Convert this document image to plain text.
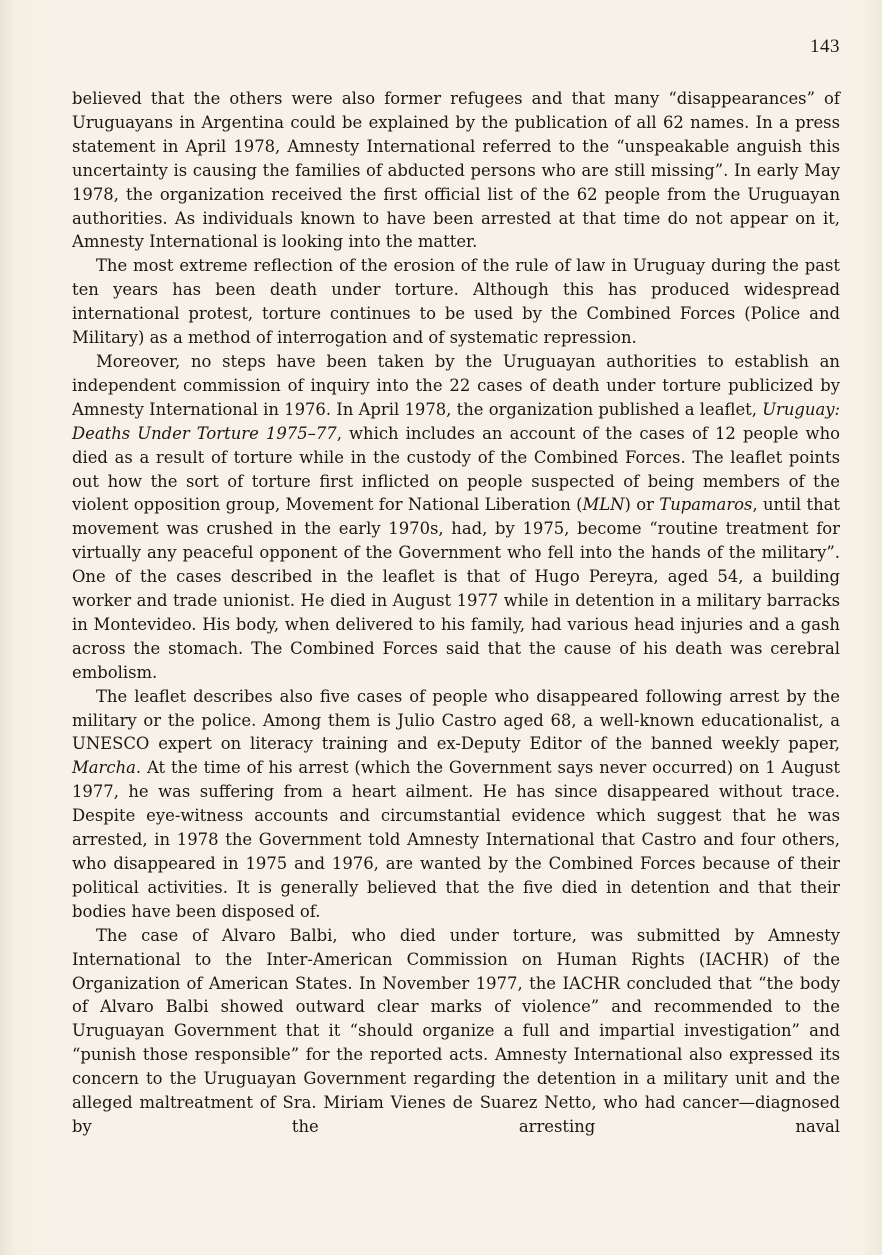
143

believed that the others were also former refugees and that many “disappearances” of Uruguayans in Argentina could be explained by the publication of all 62 names. In a press statement in April 1978, Amnesty International referred to the “unspeakable anguish this uncertainty is causing the families of abducted persons who are still missing”. In early May 1978, the organization received the first official list of the 62 people from the Uruguayan authorities. As individuals known to have been arrested at that time do not appear on it, Amnesty International is looking into the matter.

The most extreme reflection of the erosion of the rule of law in Uruguay during the past ten years has been death under torture. Although this has produced widespread international protest, torture continues to be used by the Combined Forces (Police and Military) as a method of interrogation and of systematic repression.

Moreover, no steps have been taken by the Uruguayan authorities to establish an independent commission of inquiry into the 22 cases of death under torture publicized by Amnesty International in 1976. In April 1978, the organization published a leaflet, Uruguay: Deaths Under Torture 1975–77, which includes an account of the cases of 12 people who died as a result of torture while in the custody of the Combined Forces. The leaflet points out how the sort of torture first inflicted on people suspected of being members of the violent opposition group, Movement for National Liberation (MLN) or Tupamaros, until that movement was crushed in the early 1970s, had, by 1975, become “routine treatment for virtually any peaceful opponent of the Government who fell into the hands of the military”. One of the cases described in the leaflet is that of Hugo Pereyra, aged 54, a building worker and trade unionist. He died in August 1977 while in detention in a military barracks in Montevideo. His body, when delivered to his family, had various head injuries and a gash across the stomach. The Combined Forces said that the cause of his death was cerebral embolism.

The leaflet describes also five cases of people who disappeared following arrest by the military or the police. Among them is Julio Castro aged 68, a well-known educationalist, a UNESCO expert on literacy training and ex-Deputy Editor of the banned weekly paper, Marcha. At the time of his arrest (which the Government says never occurred) on 1 August 1977, he was suffering from a heart ailment. He has since disappeared without trace. Despite eye-witness accounts and circumstantial evidence which suggest that he was arrested, in 1978 the Government told Amnesty International that Castro and four others, who disappeared in 1975 and 1976, are wanted by the Combined Forces because of their political activities. It is generally believed that the five died in detention and that their bodies have been disposed of.

The case of Alvaro Balbi, who died under torture, was submitted by Amnesty International to the Inter-American Commission on Human Rights (IACHR) of the Organization of American States. In November 1977, the IACHR concluded that “the body of Alvaro Balbi showed outward clear marks of violence” and recommended to the Uruguayan Government that it “should organize a full and impartial investigation” and “punish those responsible” for the reported acts. Amnesty International also expressed its concern to the Uruguayan Government regarding the detention in a military unit and the alleged maltreatment of Sra. Miriam Vienes de Suarez Netto, who had cancer—diagnosed by the arresting naval
